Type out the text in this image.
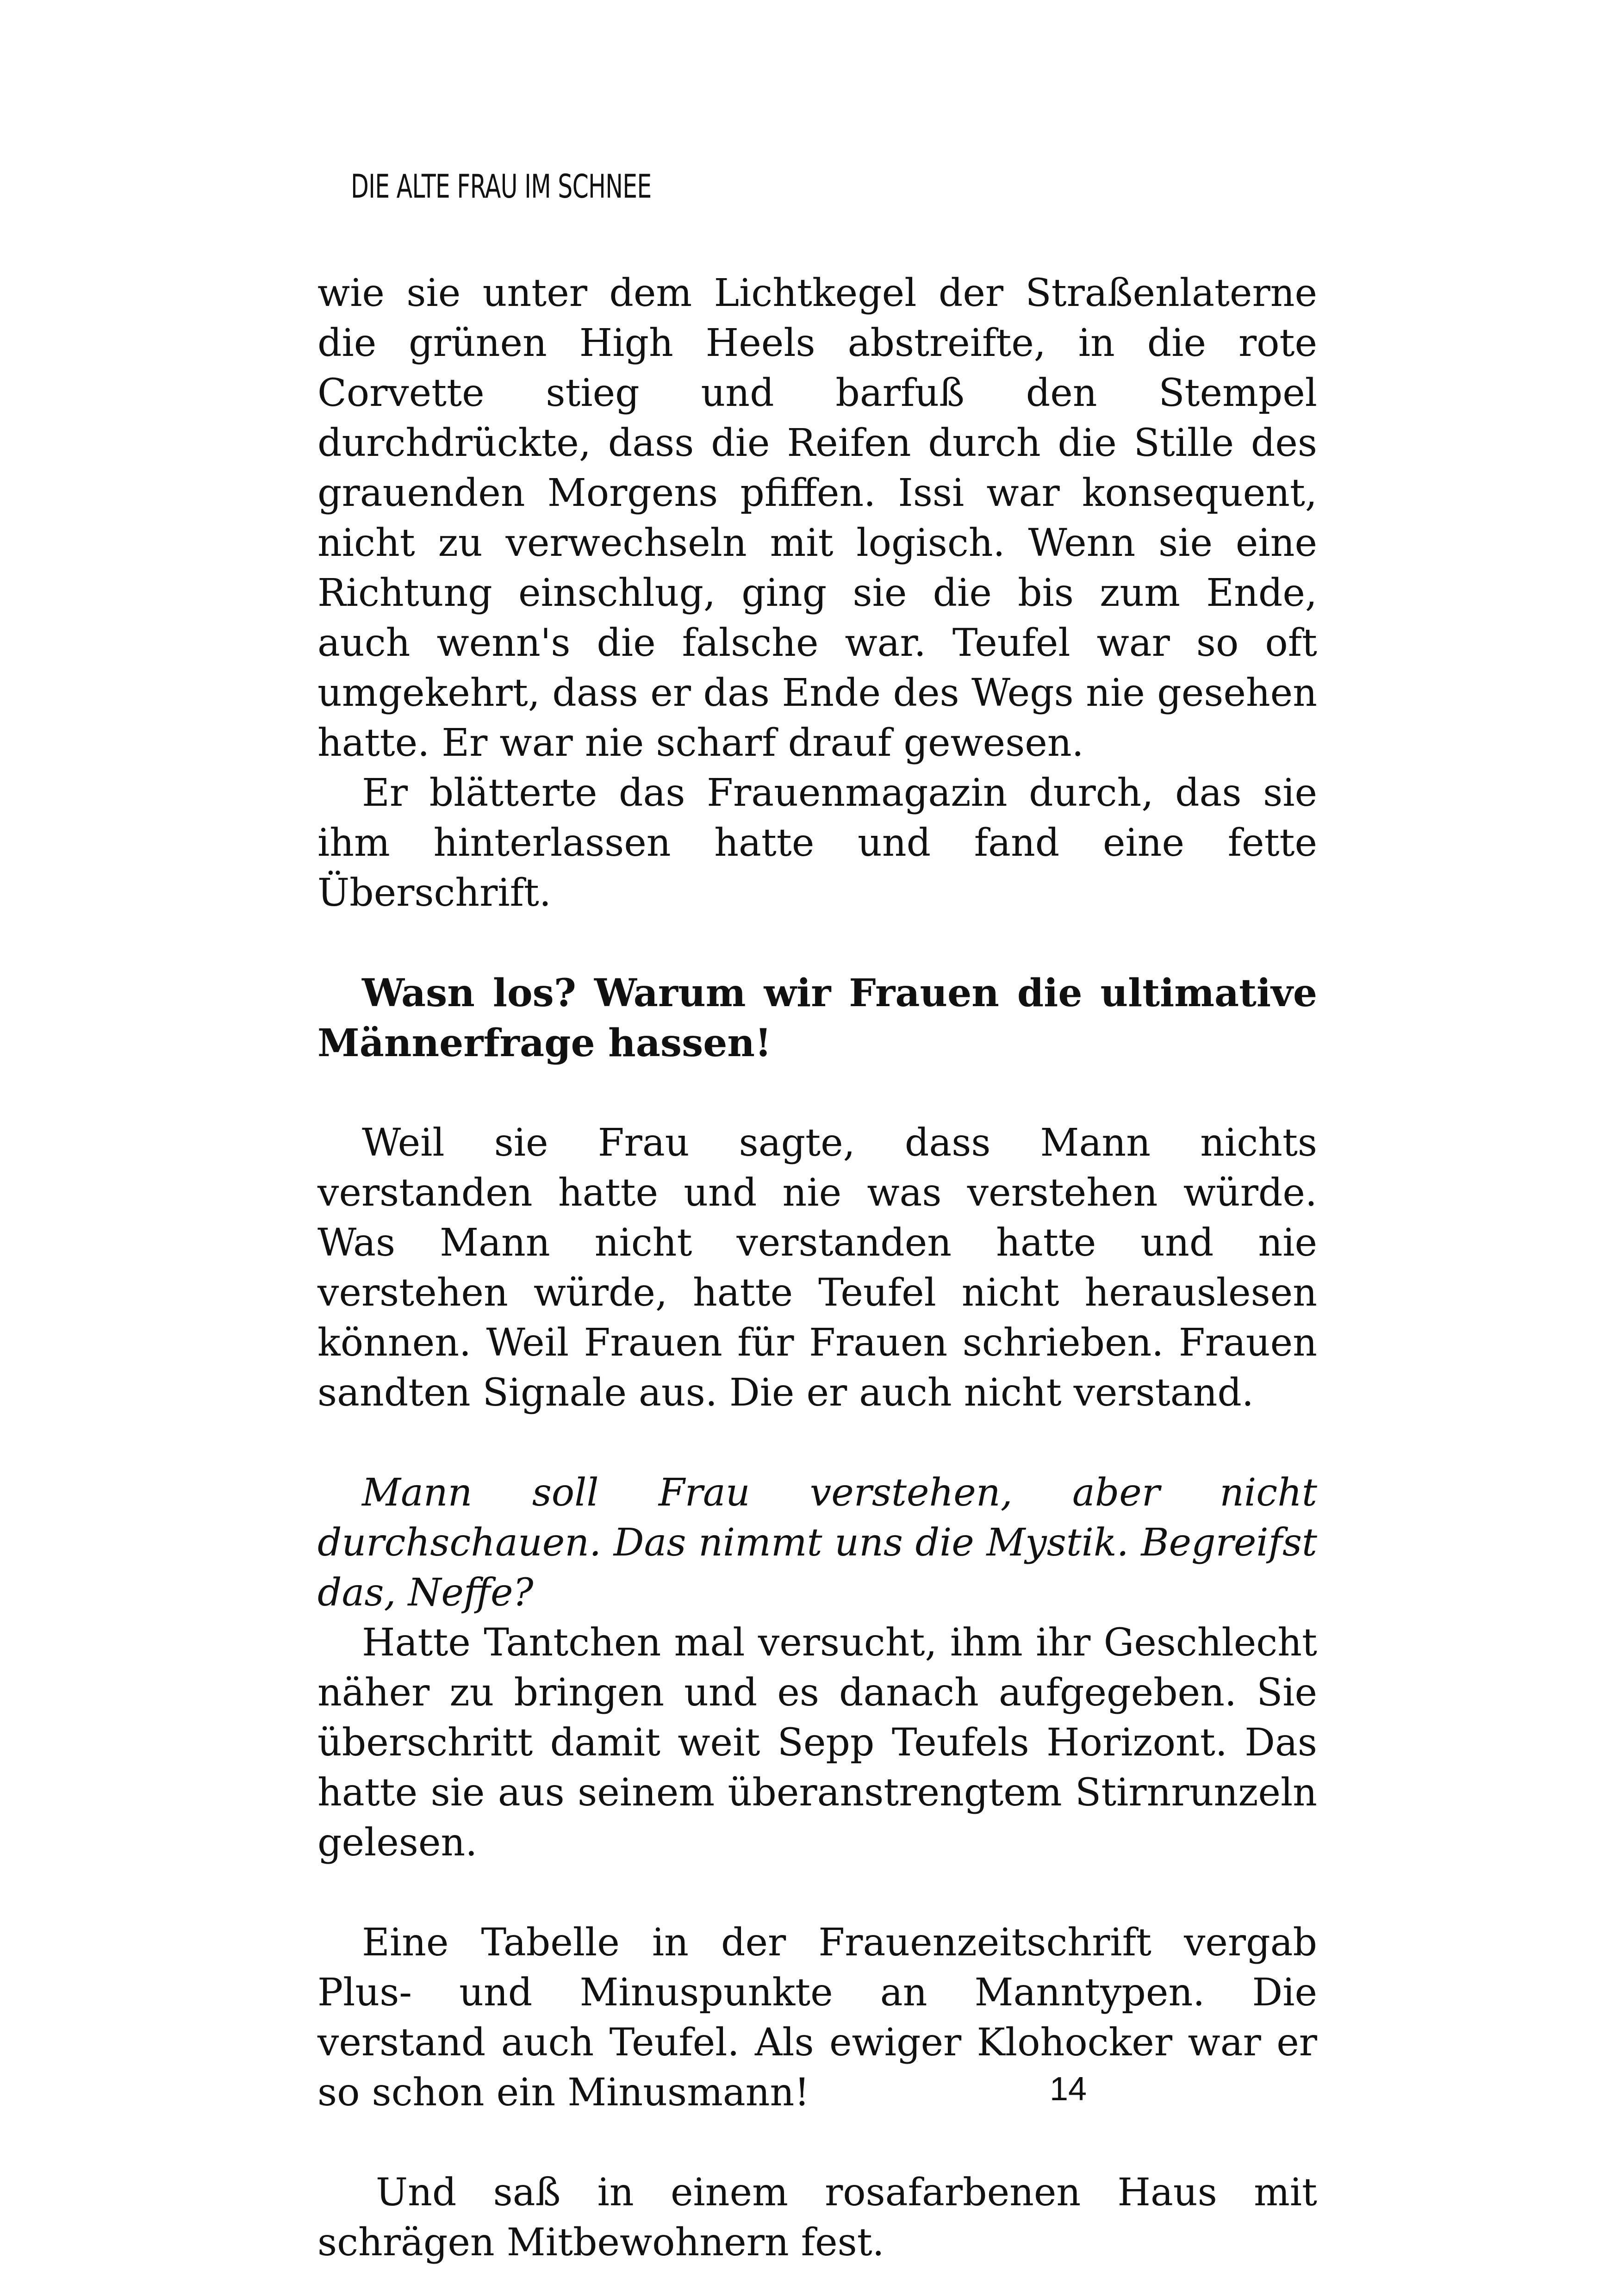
DIE ALTE FRAU IM SCHNEE

wie sie unter dem Lichtkegel der Straßenlaterne die grünen High Heels abstreifte, in die rote Corvette stieg und barfuß den Stempel durchdrückte, dass die Reifen durch die Stille des grauenden Morgens pfiffen. Issi war konsequent, nicht zu verwechseln mit logisch. Wenn sie eine Richtung einschlug, ging sie die bis zum Ende, auch wenn's die falsche war. Teufel war so oft umgekehrt, dass er das Ende des Wegs nie gesehen hatte. Er war nie scharf drauf gewesen.

Er blätterte das Frauenmagazin durch, das sie ihm hinterlassen hatte und fand eine fette Überschrift.

Wasn los? Warum wir Frauen die ultimative Männerfrage hassen!

Weil sie Frau sagte, dass Mann nichts verstanden hatte und nie was verstehen würde. Was Mann nicht verstanden hatte und nie verstehen würde, hatte Teufel nicht herauslesen können. Weil Frauen für Frauen schrieben. Frauen sandten Signale aus. Die er auch nicht verstand.

Mann soll Frau verstehen, aber nicht durchschauen. Das nimmt uns die Mystik. Begreifst das, Neffe?

Hatte Tantchen mal versucht, ihm ihr Geschlecht näher zu bringen und es danach aufgegeben. Sie überschritt damit weit Sepp Teufels Horizont. Das hatte sie aus seinem überanstrengtem Stirnrunzeln gelesen.

Eine Tabelle in der Frauenzeitschrift vergab Plus- und Minuspunkte an Manntypen. Die verstand auch Teufel. Als ewiger Klohocker war er so schon ein Minusmann!

Und saß in einem rosafarbenen Haus mit schrägen Mitbewohnern fest.

14
